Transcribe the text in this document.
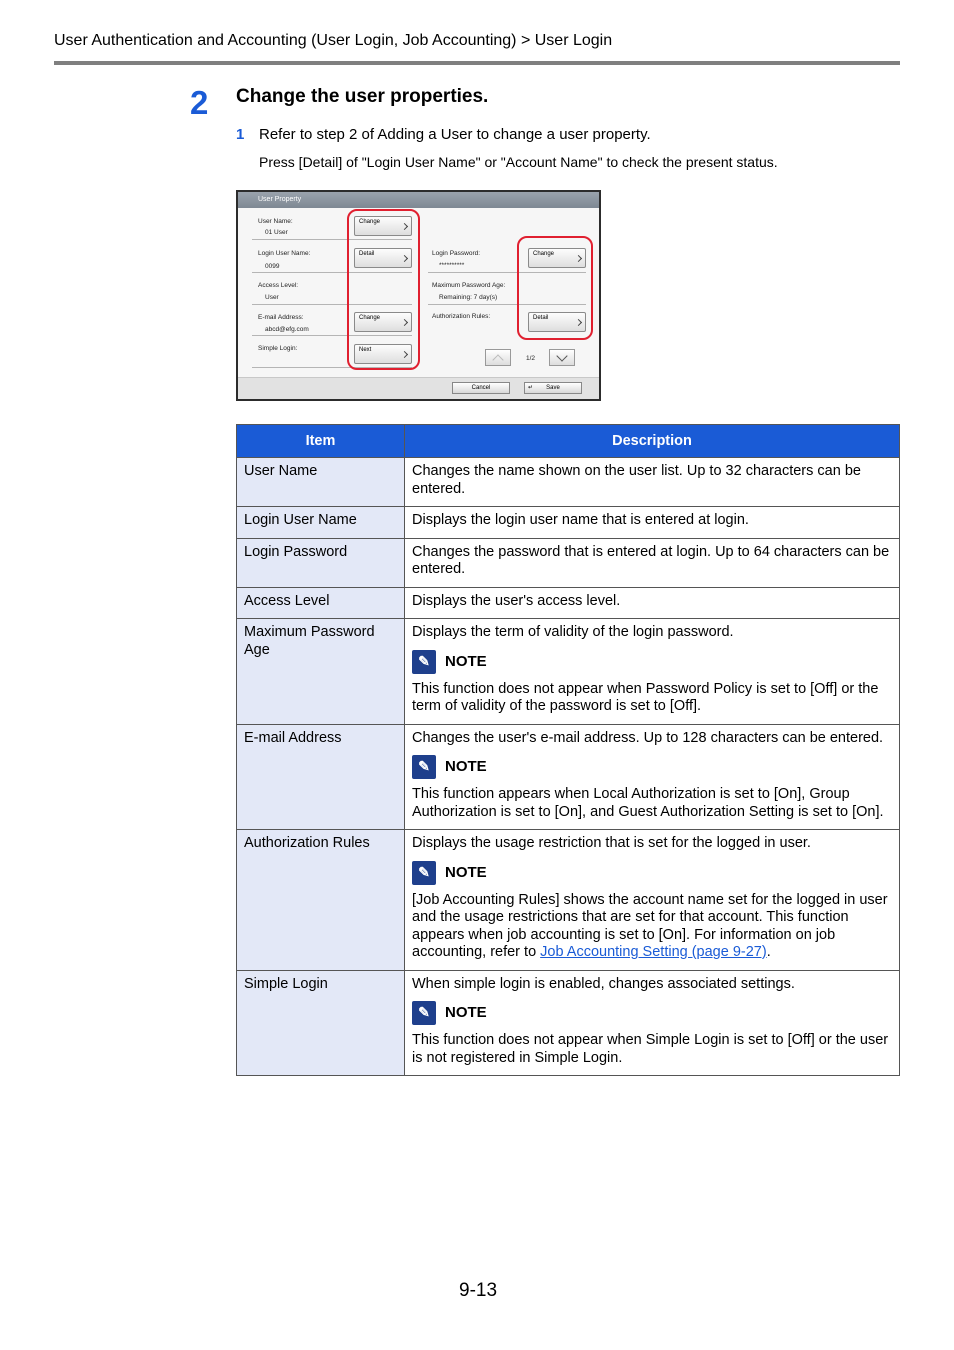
User Authentication and Accounting (User Login, Job Accounting) > User Login
2 Change the user properties.
1 Refer to step 2 of Adding a User to change a user property.
Press [Detail] of "Login User Name" or "Account Name" to check the present status.
User Property
User Name:
01 User
Change
Login User Name:
0099
Detail
Access Level:
User
E-mail Address:
abcd@efg.com
Change
Simple Login:	Next
Login Password:
**********
Change
Maximum Password Age:
Remaining: 7 day(s)
Authorization Rules:	Detail
1/2
Cancel	↵ Save
Item	Description
User Name	Changes the name shown on the user list. Up to 32 characters can be entered.
Login User Name	Displays the login user name that is entered at login.
Login Password	Changes the password that is entered at login. Up to 64 characters can be entered.
Access Level	Displays the user's access level.
Maximum Password Age	Displays the term of validity of the login password.
✎ NOTE
This function does not appear when Password Policy is set to [Off] or the term of validity of the password is set to [Off].

E-mail Address	Changes the user's e-mail address. Up to 128 characters can be entered.
✎ NOTE
This function appears when Local Authorization is set to [On], Group Authorization is set to [On], and Guest Authorization Setting is set to [On].

Authorization Rules	Displays the usage restriction that is set for the logged in user.
✎ NOTE
[Job Accounting Rules] shows the account name set for the logged in user and the usage restrictions that are set for that account. This function appears when job accounting is set to [On]. For information on job accounting, refer to Job Accounting Setting (page 9-27).

Simple Login	When simple login is enabled, changes associated settings.
✎ NOTE
This function does not appear when Simple Login is set to [Off] or the user is not registered in Simple Login.
9-13
